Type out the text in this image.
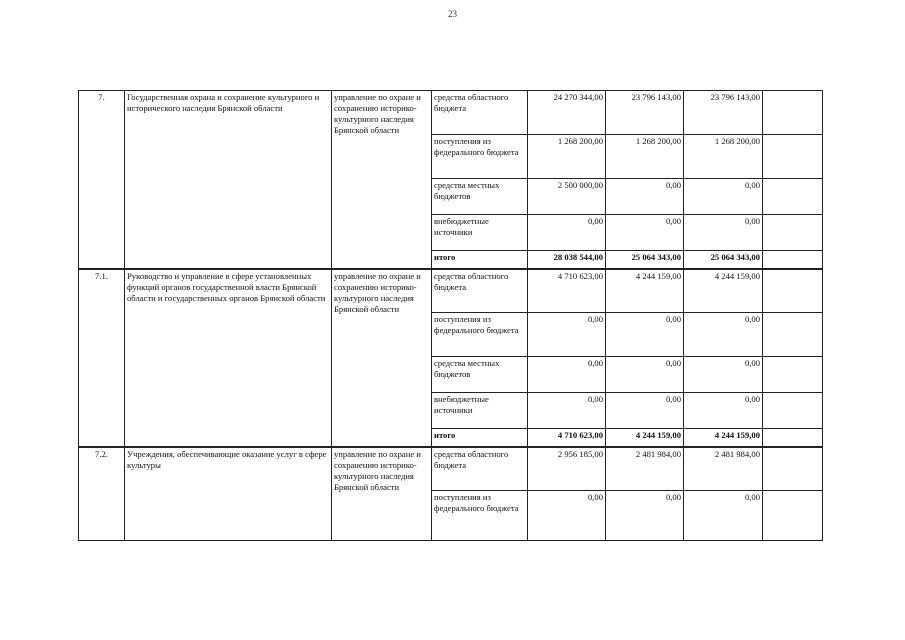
23
7.	Государственная охрана и сохранение культурного и исторического наследия Брянской области	управление по охране и сохранению историко-культурного наследия Брянской области	средства областного бюджета	24 270 344,00	23 796 143,00	23 796 143,00	
			поступления из федерального бюджета	1 268 200,00	1 268 200,00	1 268 200,00	
			средства местных бюджетов	2 500 000,00	0,00	0,00	
			внебюджетные источники	0,00	0,00	0,00	
			итого	28 038 544,00	25 064 343,00	25 064 343,00	
7.1.	Руководство и управление в сфере установленных функций органов государственной власти Брянской области и государственных органов Брянской области	управление по охране и сохранению историко-культурного наследия Брянской области	средства областного бюджета	4 710 623,00	4 244 159,00	4 244 159,00	
			поступления из федерального бюджета	0,00	0,00	0,00	
			средства местных бюджетов	0,00	0,00	0,00	
			внебюджетные источники	0,00	0,00	0,00	
			итого	4 710 623,00	4 244 159,00	4 244 159,00	
7.2.	Учреждения, обеспечивающие оказание услуг в сфере культуры	управление по охране и сохранению историко-культурного наследия Брянской области	средства областного бюджета	2 956 185,00	2 481 984,00	2 481 984,00	
			поступления из федерального бюджета	0,00	0,00	0,00	
